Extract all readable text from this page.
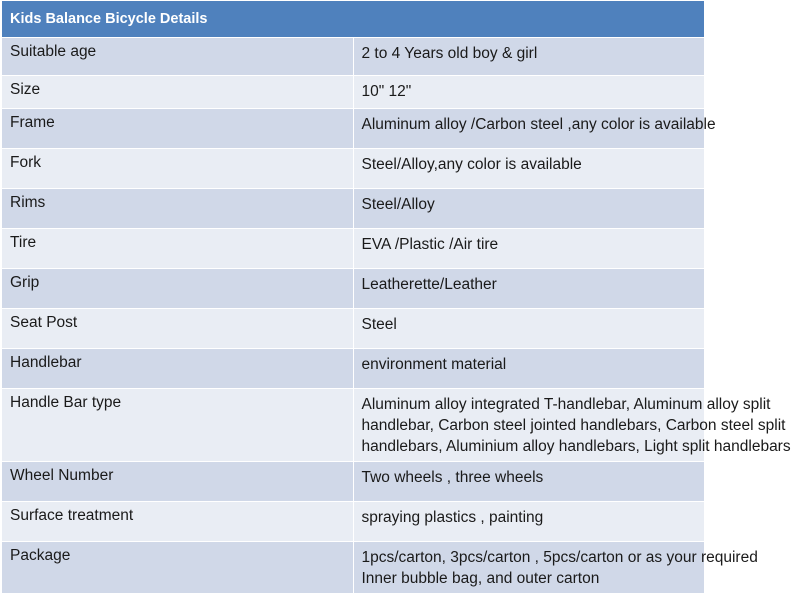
Kids Balance Bicycle Details	
Suitable age	2 to 4 Years old boy & girl

Size	10" 12"

Frame	Aluminum alloy /Carbon steel ,any color is available

Fork	Steel/Alloy,any color is available

Rims	Steel/Alloy

Tire	EVA /Plastic /Air tire

Grip	Leatherette/Leather

Seat Post	Steel

Handlebar	environment material

Handle Bar type	Aluminum alloy integrated T-handlebar, Aluminum alloy split
handlebar, Carbon steel jointed handlebars, Carbon steel split
handlebars, Aluminium alloy handlebars, Light split handlebars

Wheel Number	Two wheels , three wheels

Surface treatment	spraying plastics , painting

Package	1pcs/carton, 3pcs/carton , 5pcs/carton or as your required
Inner bubble bag, and outer carton
